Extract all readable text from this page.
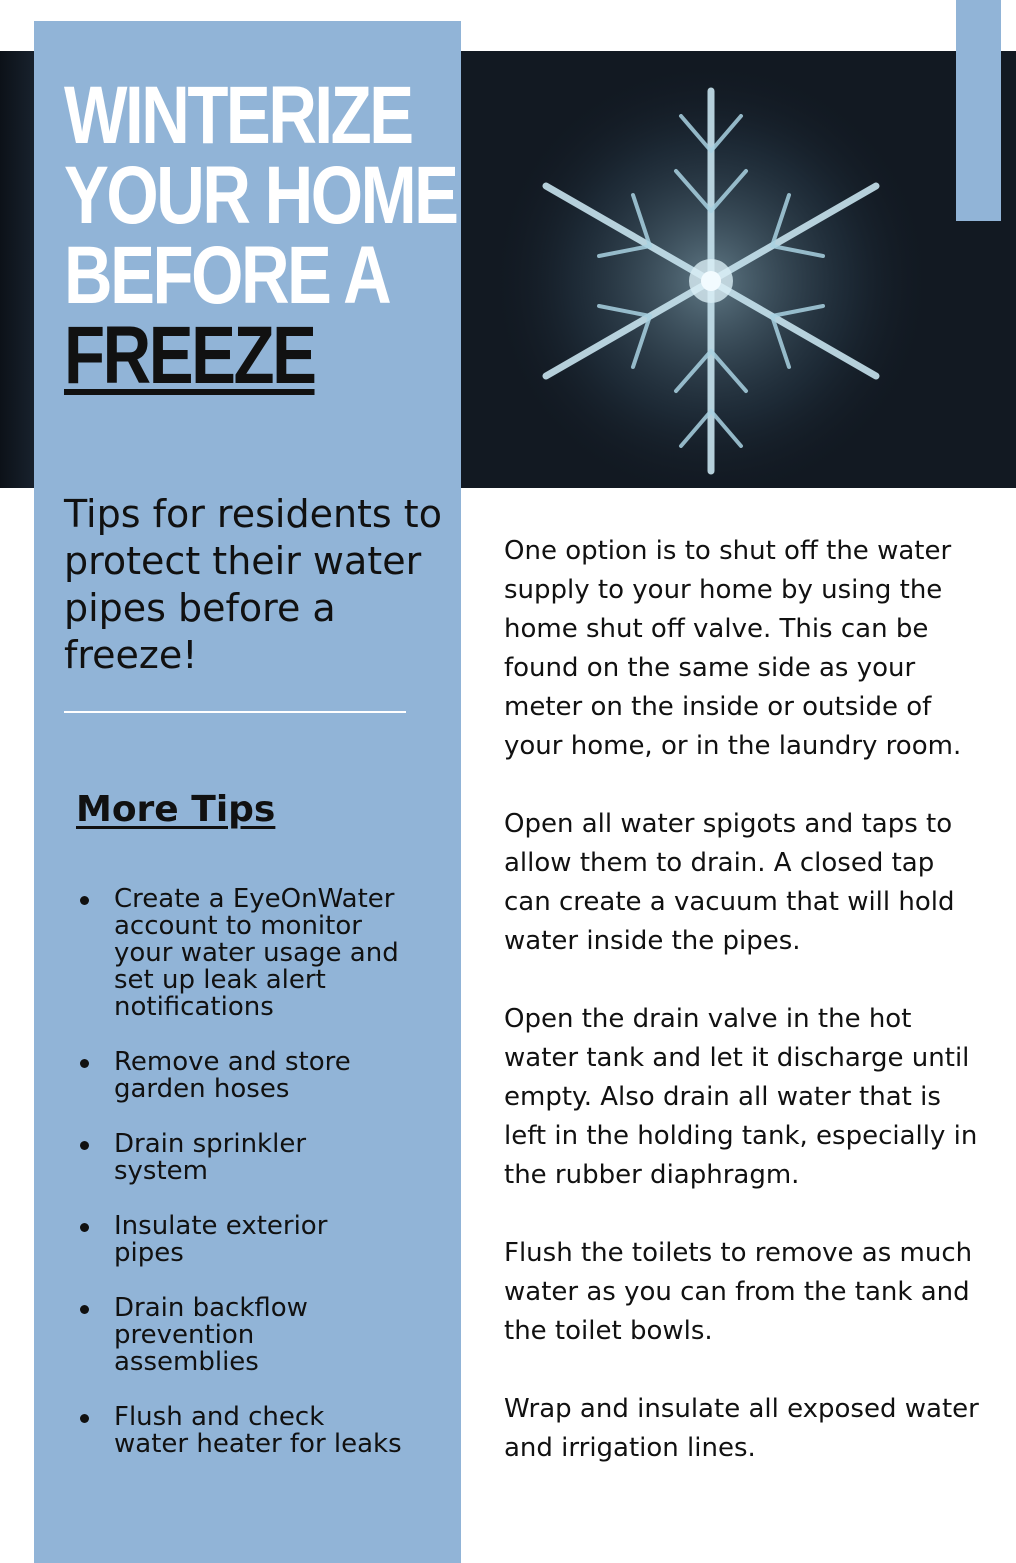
WINTERIZE
YOUR HOME
BEFORE A
FREEZE
Tips for residents to protect their water pipes before a freeze!
More Tips
Create a EyeOnWater account to monitor your water usage and set up leak alert notifications
Remove and store garden hoses
Drain sprinkler system
Insulate exterior pipes
Drain backflow prevention assemblies
Flush and check water heater for leaks

One option is to shut off the water supply to your home by using the home shut off valve. This can be found on the same side as your meter on the inside or outside of your home, or in the laundry room.

Open all water spigots and taps to allow them to drain. A closed tap can create a vacuum that will hold water inside the pipes.

Open the drain valve in the hot water tank and let it discharge until empty. Also drain all water that is left in the holding tank, especially in the rubber diaphragm.

Flush the toilets to remove as much water as you can from the tank and the toilet bowls.

Wrap and insulate all exposed water and irrigation lines.
